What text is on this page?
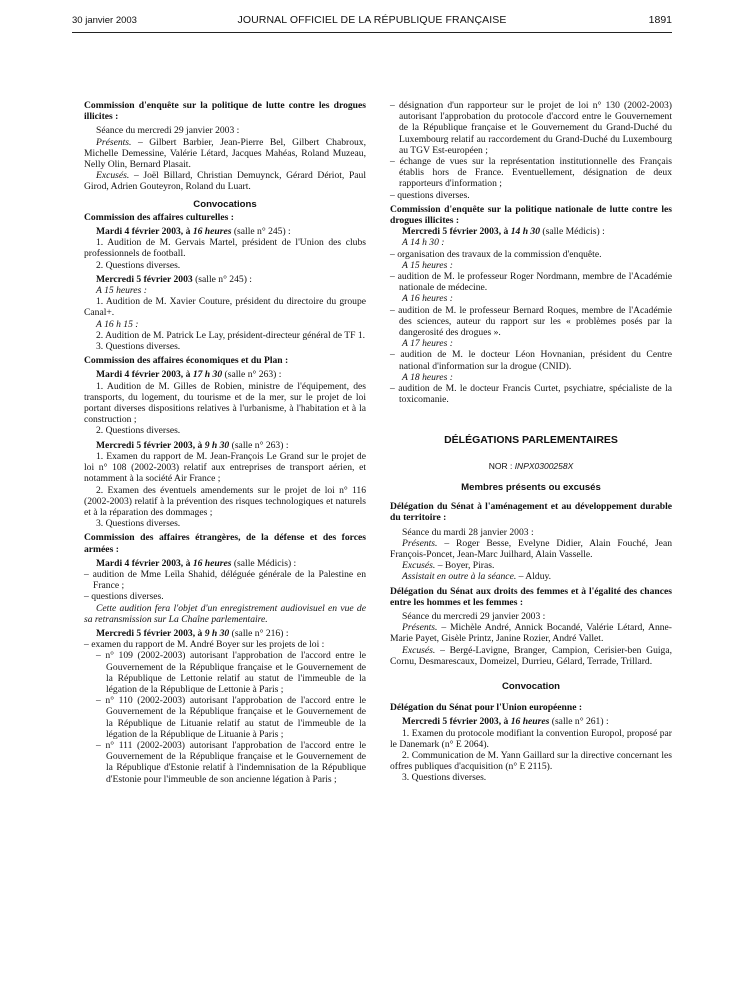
30 janvier 2003	JOURNAL OFFICIEL DE LA RÉPUBLIQUE FRANÇAISE	1891

Commission d'enquête sur la politique de lutte contre les drogues illicites :

Séance du mercredi 29 janvier 2003 :

Présents. – Gilbert Barbier, Jean-Pierre Bel, Gilbert Chabroux, Michelle Demessine, Valérie Létard, Jacques Mahéas, Roland Muzeau, Nelly Olin, Bernard Plasait.

Excusés. – Joël Billard, Christian Demuynck, Gérard Dériot, Paul Girod, Adrien Gouteyron, Roland du Luart.

Convocations

Commission des affaires culturelles :

Mardi 4 février 2003, à 16 heures (salle n° 245) :

1. Audition de M. Gervais Martel, président de l'Union des clubs professionnels de football.

2. Questions diverses.

Mercredi 5 février 2003 (salle n° 245) :

A 15 heures :

1. Audition de M. Xavier Couture, président du directoire du groupe Canal+.

A 16 h 15 :

2. Audition de M. Patrick Le Lay, président-directeur général de TF 1.

3. Questions diverses.

Commission des affaires économiques et du Plan :

Mardi 4 février 2003, à 17 h 30 (salle n° 263) :

1. Audition de M. Gilles de Robien, ministre de l'équipement, des transports, du logement, du tourisme et de la mer, sur le projet de loi portant diverses dispositions relatives à l'urbanisme, à l'habitation et à la construction ;

2. Questions diverses.

Mercredi 5 février 2003, à 9 h 30 (salle n° 263) :

1. Examen du rapport de M. Jean-François Le Grand sur le projet de loi n° 108 (2002-2003) relatif aux entreprises de transport aérien, et notamment à la société Air France ;

2. Examen des éventuels amendements sur le projet de loi n° 116 (2002-2003) relatif à la prévention des risques technologiques et naturels et à la réparation des dommages ;

3. Questions diverses.

Commission des affaires étrangères, de la défense et des forces armées :

Mardi 4 février 2003, à 16 heures (salle Médicis) :

– audition de Mme Leïla Shahid, déléguée générale de la Palestine en France ;

– questions diverses.

Cette audition fera l'objet d'un enregistrement audiovisuel en vue de sa retransmission sur La Chaîne parlementaire.

Mercredi 5 février 2003, à 9 h 30 (salle n° 216) :

– examen du rapport de M. André Boyer sur les projets de loi :

– n° 109 (2002-2003) autorisant l'approbation de l'accord entre le Gouvernement de la République française et le Gouvernement de la République de Lettonie relatif au statut de l'immeuble de la légation de la République de Lettonie à Paris ;

– n° 110 (2002-2003) autorisant l'approbation de l'accord entre le Gouvernement de la République française et le Gouvernement de la République de Lituanie relatif au statut de l'immeuble de la légation de la République de Lituanie à Paris ;

– n° 111 (2002-2003) autorisant l'approbation de l'accord entre le Gouvernement de la République française et le Gouvernement de la République d'Estonie relatif à l'indemnisation de la République d'Estonie pour l'immeuble de son ancienne légation à Paris ;

– désignation d'un rapporteur sur le projet de loi n° 130 (2002-2003) autorisant l'approbation du protocole d'accord entre le Gouvernement de la République française et le Gouvernement du Grand-Duché du Luxembourg relatif au raccordement du Grand-Duché du Luxembourg au TGV Est-européen ;

– échange de vues sur la représentation institutionnelle des Français établis hors de France. Eventuellement, désignation de deux rapporteurs d'information ;

– questions diverses.

Commission d'enquête sur la politique nationale de lutte contre les drogues illicites :

Mercredi 5 février 2003, à 14 h 30 (salle Médicis) :

A 14 h 30 :

– organisation des travaux de la commission d'enquête.

A 15 heures :

– audition de M. le professeur Roger Nordmann, membre de l'Académie nationale de médecine.

A 16 heures :

– audition de M. le professeur Bernard Roques, membre de l'Académie des sciences, auteur du rapport sur les « problèmes posés par la dangerosité des drogues ».

A 17 heures :

– audition de M. le docteur Léon Hovnanian, président du Centre national d'information sur la drogue (CNID).

A 18 heures :

– audition de M. le docteur Francis Curtet, psychiatre, spécialiste de la toxicomanie.

DÉLÉGATIONS PARLEMENTAIRES

NOR : INPX0300258X

Membres présents ou excusés

Délégation du Sénat à l'aménagement et au développement durable du territoire :

Séance du mardi 28 janvier 2003 :

Présents. – Roger Besse, Evelyne Didier, Alain Fouché, Jean François-Poncet, Jean-Marc Juilhard, Alain Vasselle.

Excusés. – Boyer, Piras.

Assistait en outre à la séance. – Alduy.

Délégation du Sénat aux droits des femmes et à l'égalité des chances entre les hommes et les femmes :

Séance du mercredi 29 janvier 2003 :

Présents. – Michèle André, Annick Bocandé, Valérie Létard, Anne-Marie Payet, Gisèle Printz, Janine Rozier, André Vallet.

Excusés. – Bergé-Lavigne, Branger, Campion, Cerisier-ben Guiga, Cornu, Desmarescaux, Domeizel, Durrieu, Gélard, Terrade, Trillard.

Convocation

Délégation du Sénat pour l'Union européenne :

Mercredi 5 février 2003, à 16 heures (salle n° 261) :

1. Examen du protocole modifiant la convention Europol, proposé par le Danemark (n° E 2064).

2. Communication de M. Yann Gaillard sur la directive concernant les offres publiques d'acquisition (n° E 2115).

3. Questions diverses.
